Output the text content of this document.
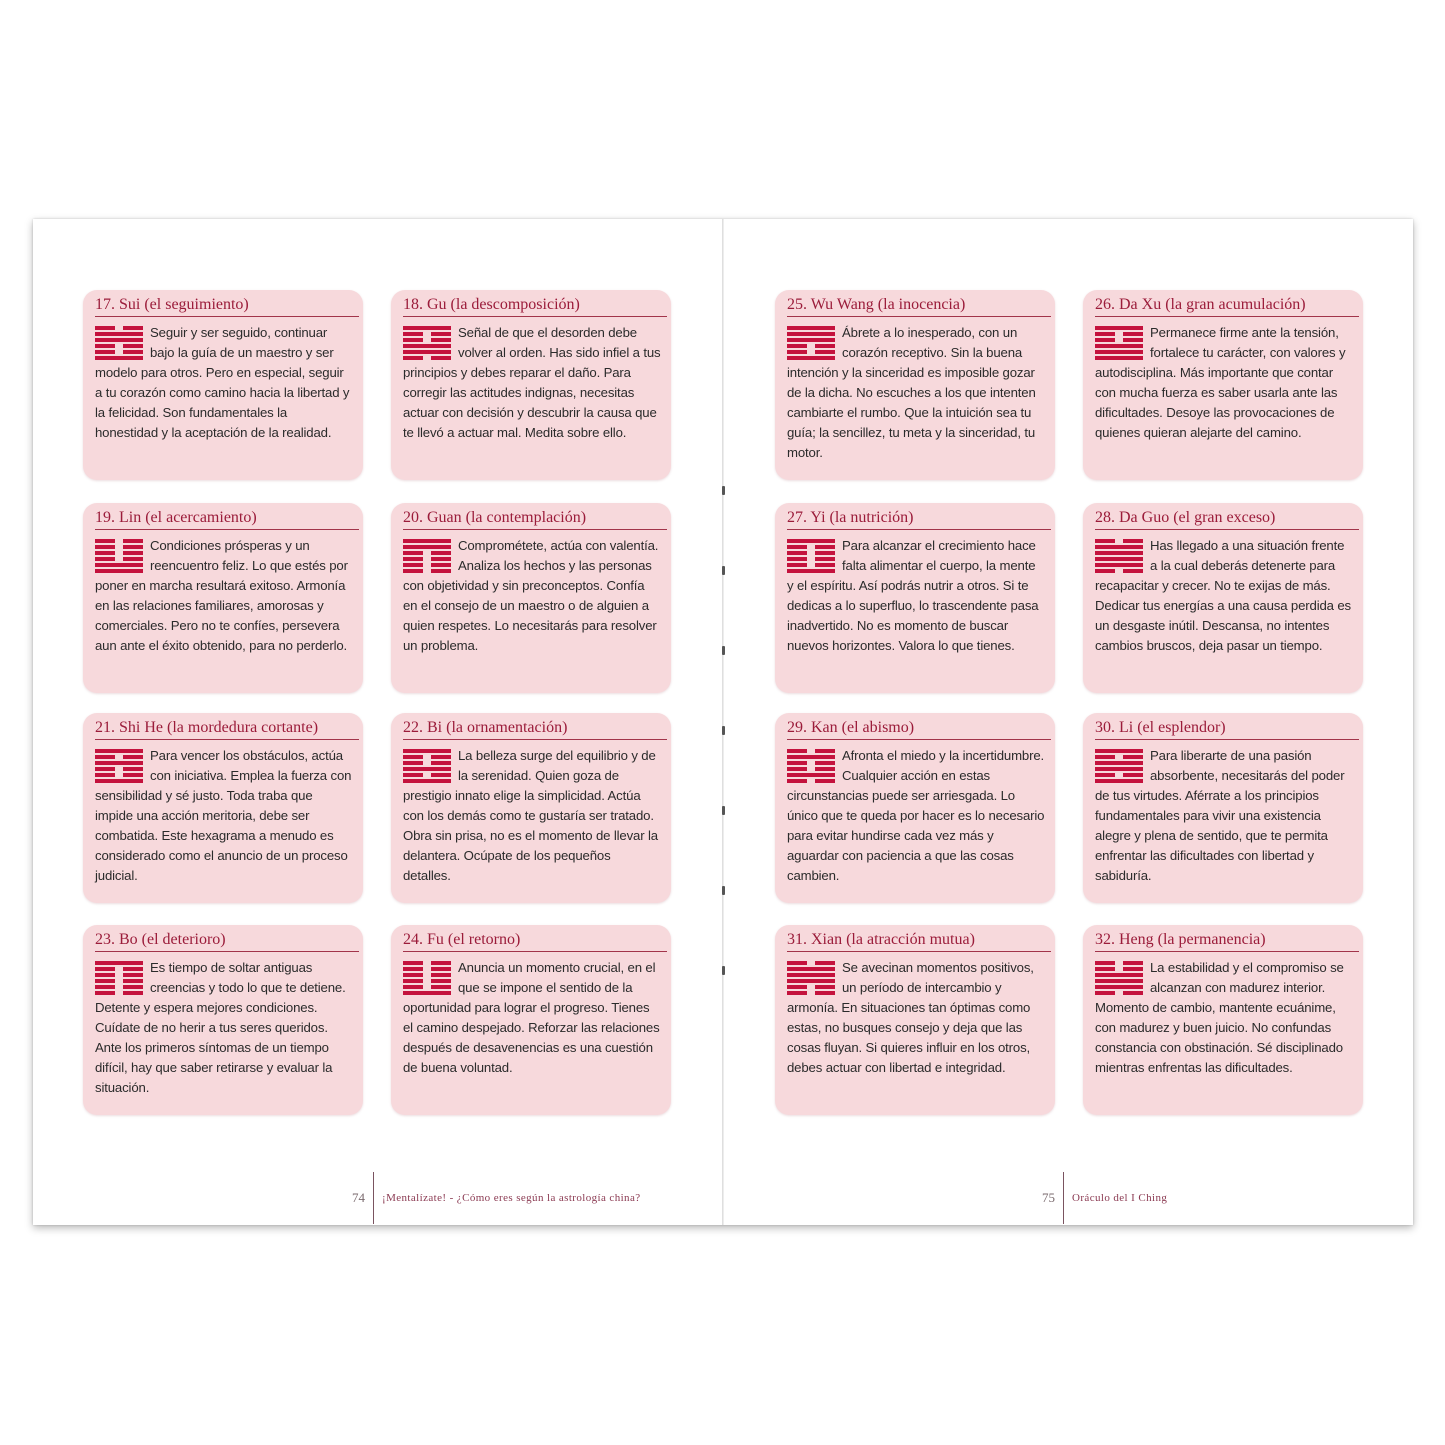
17. Sui (el seguimiento)
Seguir y ser seguido, continuar bajo la guía de un maestro y ser modelo para otros. Pero en especial, seguir a tu corazón como camino hacia la libertad y la felicidad. Son fundamentales la honestidad y la aceptación de la realidad.
18. Gu (la descomposición)
Señal de que el desorden debe volver al orden. Has sido infiel a tus principios y debes reparar el daño. Para corregir las actitudes indignas, necesitas actuar con decisión y descubrir la causa que te llevó a actuar mal. Medita sobre ello.
25. Wu Wang (la inocencia)
Ábrete a lo inesperado, con un corazón receptivo. Sin la buena intención y la sinceridad es imposible gozar de la dicha. No escuches a los que intenten cambiarte el rumbo. Que la intuición sea tu guía; la sencillez, tu meta y la sinceridad, tu motor.
26. Da Xu (la gran acumulación)
Permanece firme ante la tensión, fortalece tu carácter, con valores y autodisciplina. Más importante que contar con mucha fuerza es saber usarla ante las dificultades. Desoye las provocaciones de quienes quieran alejarte del camino.
19. Lin (el acercamiento)
Condiciones prósperas y un reencuentro feliz. Lo que estés por poner en marcha resultará exitoso. Armonía en las relaciones familiares, amorosas y comerciales. Pero no te confíes, persevera aun ante el éxito obtenido, para no perderlo.
20. Guan (la contemplación)
Comprométete, actúa con valentía. Analiza los hechos y las personas con objetividad y sin preconceptos. Confía en el consejo de un maestro o de alguien a quien respetes. Lo necesitarás para resolver un problema.
27. Yi (la nutrición)
Para alcanzar el crecimiento hace falta alimentar el cuerpo, la mente y el espíritu. Así podrás nutrir a otros. Si te dedicas a lo superfluo, lo trascendente pasa inadvertido. No es momento de buscar nuevos horizontes. Valora lo que tienes.
28. Da Guo (el gran exceso)
Has llegado a una situación frente a la cual deberás detenerte para recapacitar y crecer. No te exijas de más. Dedicar tus energías a una causa perdida es un desgaste inútil. Descansa, no intentes cambios bruscos, deja pasar un tiempo.
21. Shi He (la mordedura cortante)
Para vencer los obstáculos, actúa con iniciativa. Emplea la fuerza con sensibilidad y sé justo. Toda traba que impide una acción meritoria, debe ser combatida. Este hexagrama a menudo es considerado como el anuncio de un proceso judicial.
22. Bi (la ornamentación)
La belleza surge del equilibrio y de la serenidad. Quien goza de prestigio innato elige la simplicidad. Actúa con los demás como te gustaría ser tratado. Obra sin prisa, no es el momento de llevar la delantera. Ocúpate de los pequeños detalles.
29. Kan (el abismo)
Afronta el miedo y la incertidumbre. Cualquier acción en estas circunstancias puede ser arriesgada. Lo único que te queda por hacer es lo necesario para evitar hundirse cada vez más y aguardar con paciencia a que las cosas cambien.
30. Li (el esplendor)
Para liberarte de una pasión absorbente, necesitarás del poder de tus virtudes. Aférrate a los principios fundamentales para vivir una existencia alegre y plena de sentido, que te permita enfrentar las dificultades con libertad y sabiduría.
23. Bo (el deterioro)
Es tiempo de soltar antiguas creencias y todo lo que te detiene. Detente y espera mejores condiciones. Cuídate de no herir a tus seres queridos. Ante los primeros síntomas de un tiempo difícil, hay que saber retirarse y evaluar la situación.
24. Fu (el retorno)
Anuncia un momento crucial, en el que se impone el sentido de la oportunidad para lograr el progreso. Tienes el camino despejado. Reforzar las relaciones después de desavenencias es una cuestión de buena voluntad.
31. Xian (la atracción mutua)
Se avecinan momentos positivos, un período de intercambio y armonía. En situaciones tan óptimas como estas, no busques consejo y deja que las cosas fluyan. Si quieres influir en los otros, debes actuar con libertad e integridad.
32. Heng (la permanencia)
La estabilidad y el compromiso se alcanzan con madurez interior. Momento de cambio, mantente ecuánime, con madurez y buen juicio. No confundas constancia con obstinación. Sé disciplinado mientras enfrentas las dificultades.
74	¡Mentalízate! - ¿Cómo eres según la astrología china?	75	Oráculo del I Ching
